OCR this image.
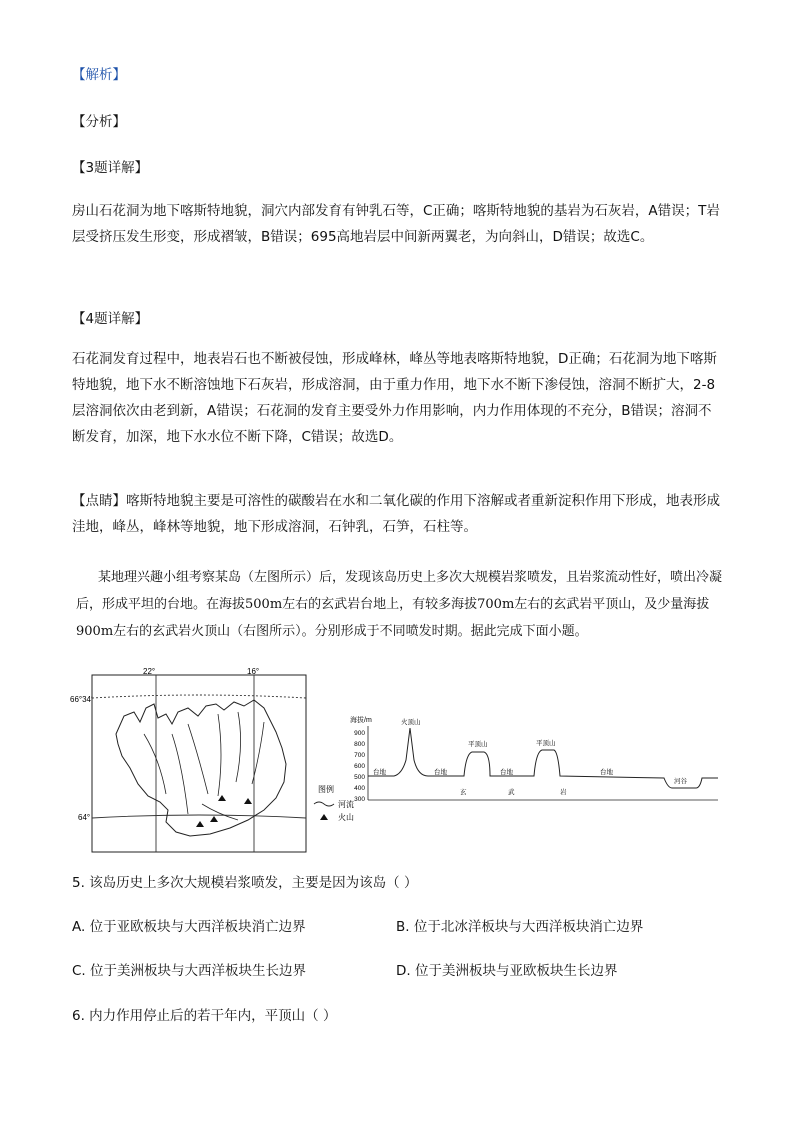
【解析】
【分析】
【3题详解】
房山石花洞为地下喀斯特地貌，洞穴内部发育有钟乳石等，C正确；喀斯特地貌的基岩为石灰岩，A错误；T岩层受挤压发生形变，形成褶皱，B错误；695高地岩层中间新两翼老，为向斜山，D错误；故选C。
【4题详解】
石花洞发育过程中，地表岩石也不断被侵蚀，形成峰林，峰丛等地表喀斯特地貌，D正确；石花洞为地下喀斯特地貌，地下水不断溶蚀地下石灰岩，形成溶洞，由于重力作用，地下水不断下渗侵蚀，溶洞不断扩大，2-8层溶洞依次由老到新，A错误；石花洞的发育主要受外力作用影响，内力作用体现的不充分，B错误；溶洞不断发育，加深，地下水水位不断下降，C错误；故选D。
【点睛】喀斯特地貌主要是可溶性的碳酸岩在水和二氧化碳的作用下溶解或者重新淀积作用下形成，地表形成洼地，峰丛，峰林等地貌，地下形成溶洞，石钟乳，石笋，石柱等。
某地理兴趣小组考察某岛（左图所示）后，发现该岛历史上多次大规模岩浆喷发，且岩浆流动性好，喷出冷凝后，形成平坦的台地。在海拔500m左右的玄武岩台地上，有较多海拔700m左右的玄武岩平顶山，及少量海拔900m左右的玄武岩火顶山（右图所示）。分别形成于不同喷发时期。据此完成下面小题。
22°	16°
66°34′
64°
图例
河流
火山
海拔/m
900
800
700
600
500
400
300
火顶山
平顶山	平顶山
台地	台地	台地	台地
河谷
玄	武	岩
5. 该岛历史上多次大规模岩浆喷发，主要是因为该岛（ ）
A. 位于亚欧板块与大西洋板块消亡边界	B. 位于北冰洋板块与大西洋板块消亡边界
C. 位于美洲板块与大西洋板块生长边界	D. 位于美洲板块与亚欧板块生长边界
6. 内力作用停止后的若干年内，平顶山（ ）
